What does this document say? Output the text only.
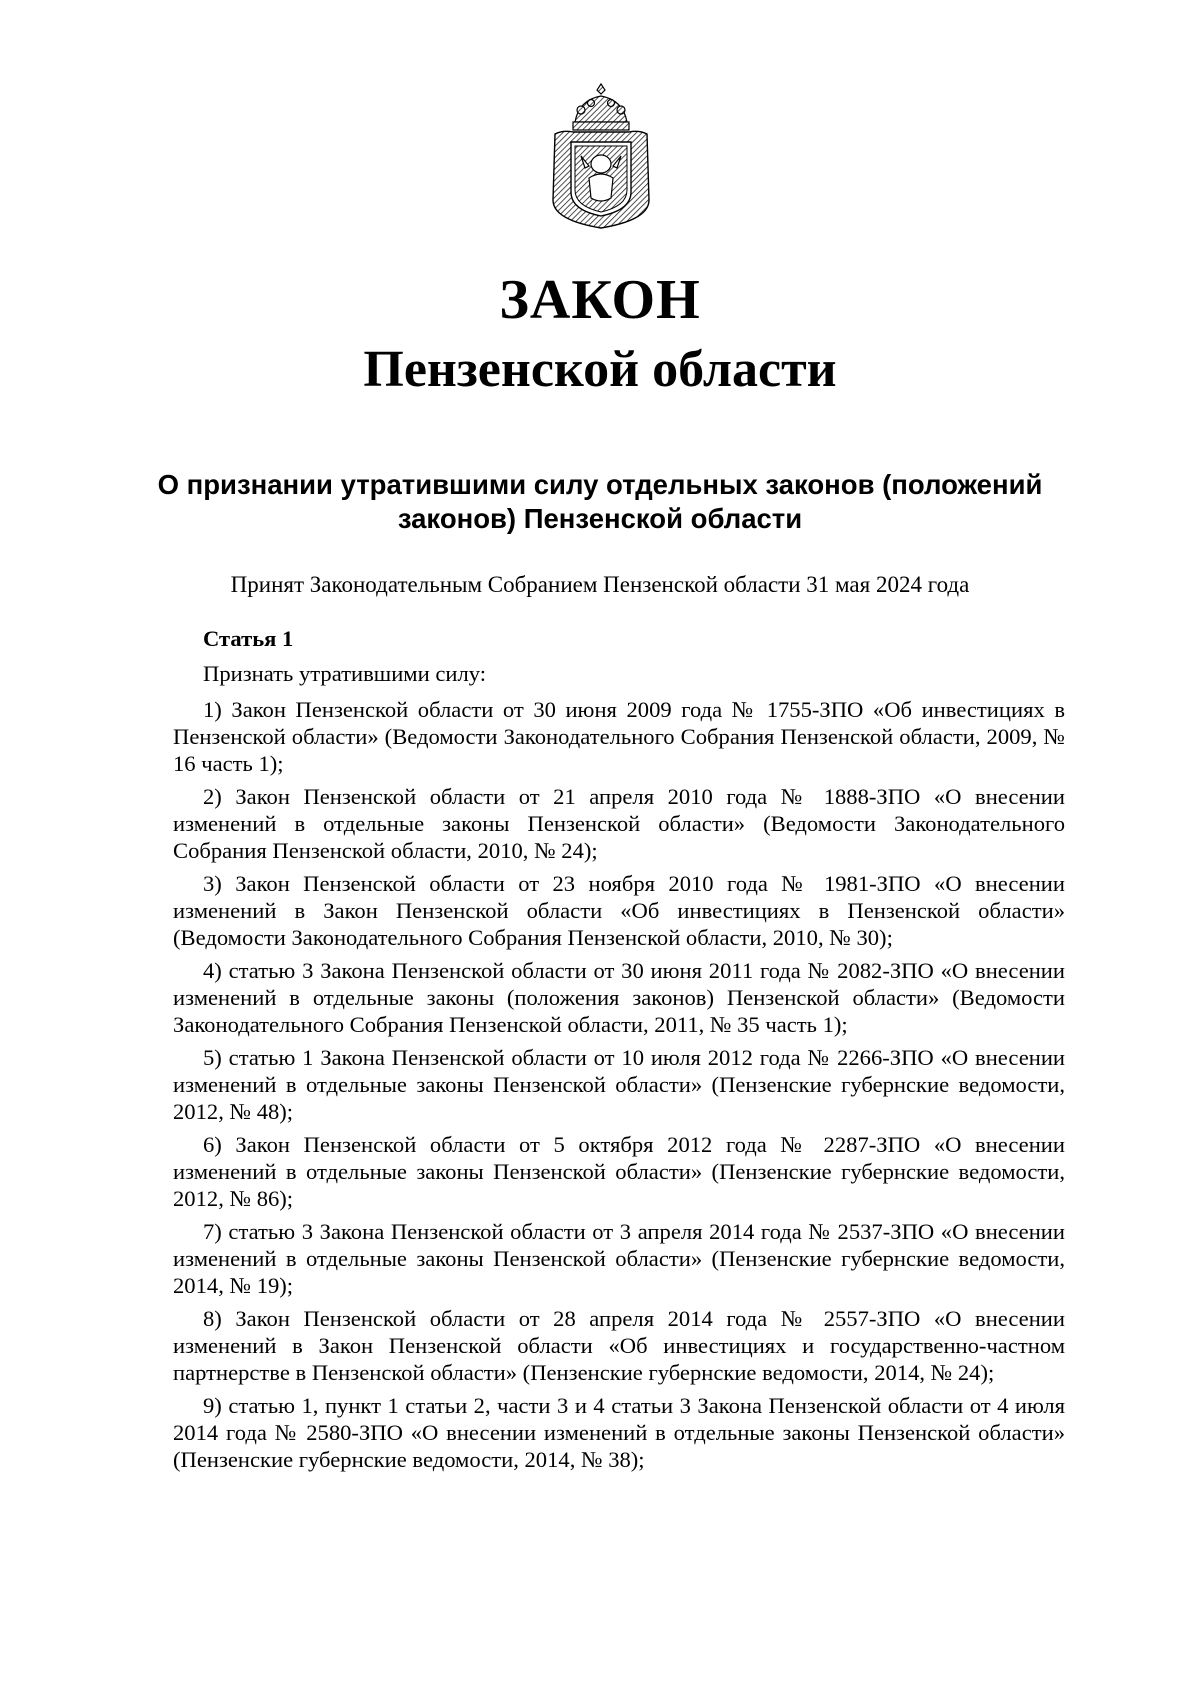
ЗАКОН
Пензенской области
О признании утратившими силу отдельных законов (положений законов) Пензенской области
Принят Законодательным Собранием Пензенской области 31 мая 2024 года
Статья 1
Признать утратившими силу:
1) Закон Пензенской области от 30 июня 2009 года № 1755-ЗПО «Об инвестициях в Пензенской области» (Ведомости Законодательного Собрания Пензенской области, 2009, № 16 часть 1);
2) Закон Пензенской области от 21 апреля 2010 года № 1888-ЗПО «О внесении изменений в отдельные законы Пензенской области» (Ведомости Законодательного Собрания Пензенской области, 2010, № 24);
3) Закон Пензенской области от 23 ноября 2010 года № 1981-ЗПО «О внесении изменений в Закон Пензенской области «Об инвестициях в Пензенской области» (Ведомости Законодательного Собрания Пензенской области, 2010, № 30);
4) статью 3 Закона Пензенской области от 30 июня 2011 года № 2082-ЗПО «О внесении изменений в отдельные законы (положения законов) Пензенской области» (Ведомости Законодательного Собрания Пензенской области, 2011, № 35 часть 1);
5) статью 1 Закона Пензенской области от 10 июля 2012 года № 2266-ЗПО «О внесении изменений в отдельные законы Пензенской области» (Пензенские губернские ведомости, 2012, № 48);
6) Закон Пензенской области от 5 октября 2012 года № 2287-ЗПО «О внесении изменений в отдельные законы Пензенской области» (Пензенские губернские ведомости, 2012, № 86);
7) статью 3 Закона Пензенской области от 3 апреля 2014 года № 2537-ЗПО «О внесении изменений в отдельные законы Пензенской области» (Пензенские губернские ведомости, 2014, № 19);
8) Закон Пензенской области от 28 апреля 2014 года № 2557-ЗПО «О внесении изменений в Закон Пензенской области «Об инвестициях и государственно-частном партнерстве в Пензенской области» (Пензенские губернские ведомости, 2014, № 24);
9) статью 1, пункт 1 статьи 2, части 3 и 4 статьи 3 Закона Пензенской области от 4 июля 2014 года № 2580-ЗПО «О внесении изменений в отдельные законы Пензенской области» (Пензенские губернские ведомости, 2014, № 38);
